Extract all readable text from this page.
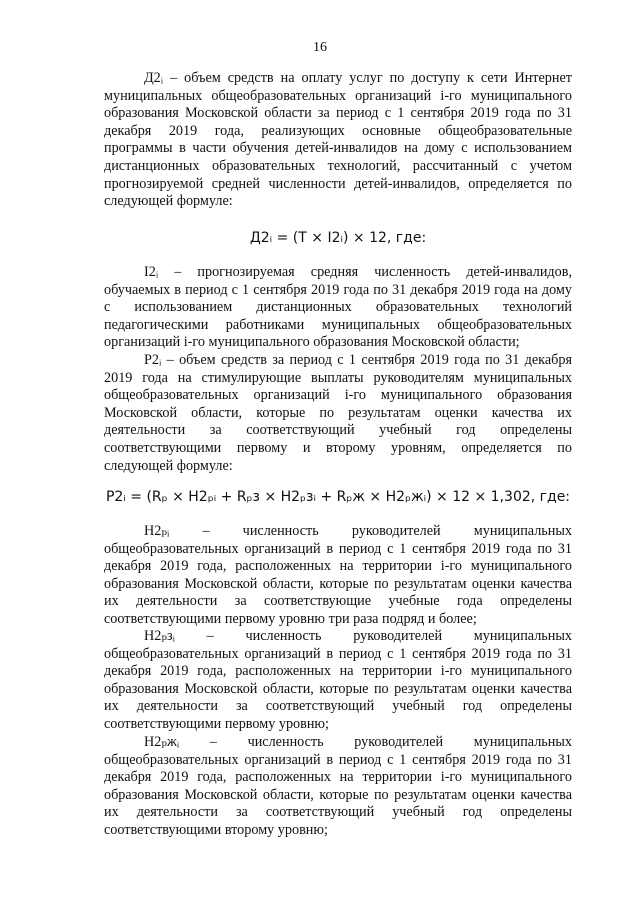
16

Д2ᵢ – объем средств на оплату услуг по доступу к сети Интернет муниципальных общеобразовательных организаций i-го муниципального образования Московской области за период с 1 сентября 2019 года по 31 декабря 2019 года, реализующих основные общеобразовательные программы в части обучения детей-инвалидов на дому с использованием дистанционных образовательных технологий, рассчитанный с учетом прогнозируемой средней численности детей-инвалидов, определяется по следующей формуле:

Д2ᵢ = (T × I2ᵢ) × 12, где:

I2ᵢ – прогнозируемая средняя численность детей-инвалидов, обучаемых в период с 1 сентября 2019 года по 31 декабря 2019 года на дому с использованием дистанционных образовательных технологий педагогическими работниками муниципальных общеобразовательных организаций i-го муниципального образования Московской области;

Р2ᵢ – объем средств за период с 1 сентября 2019 года по 31 декабря 2019 года на стимулирующие выплаты руководителям муниципальных общеобразовательных организаций i-го муниципального образования Московской области, которые по результатам оценки качества их деятельности за соответствующий учебный год определены соответствующими первому и второму уровням, определяется по следующей формуле:

Р2ᵢ = (Rₚ × Н2ₚᵢ + Rₚз × Н2ₚзᵢ + Rₚж × Н2ₚжᵢ) × 12 × 1,302, где:

Н2ₚᵢ – численность руководителей муниципальных общеобразовательных организаций в период с 1 сентября 2019 года по 31 декабря 2019 года, расположенных на территории i-го муниципального образования Московской области, которые по результатам оценки качества их деятельности за соответствующие учебные года определены соответствующими первому уровню три раза подряд и более;

Н2ₚзᵢ – численность руководителей муниципальных общеобразовательных организаций в период с 1 сентября 2019 года по 31 декабря 2019 года, расположенных на территории i-го муниципального образования Московской области, которые по результатам оценки качества их деятельности за соответствующий учебный год определены соответствующими первому уровню;

Н2ₚжᵢ – численность руководителей муниципальных общеобразовательных организаций в период с 1 сентября 2019 года по 31 декабря 2019 года, расположенных на территории i-го муниципального образования Московской области, которые по результатам оценки качества их деятельности за соответствующий учебный год определены соответствующими второму уровню;
